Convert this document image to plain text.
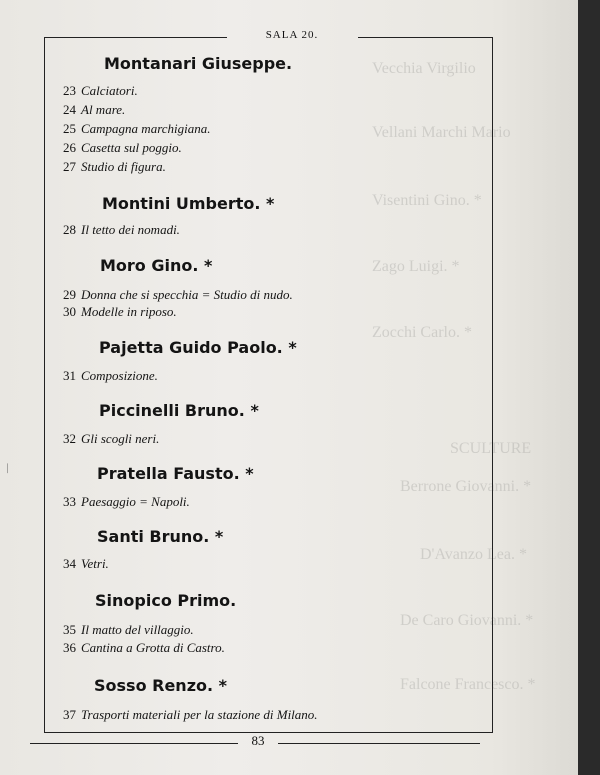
Vecchia Virgilio
Vellani Marchi Mario
Visentini Gino. *
Zago Luigi. *
Zocchi Carlo. *
SCULTURE
Berrone Giovanni. *
D'Avanzo Lea. *
De Caro Giovanni. *
Falcone Francesco. *
SALA 20.
Montanari Giuseppe.
23 Calciatori.
24 Al mare.
25 Campagna marchigiana.
26 Casetta sul poggio.
27 Studio di figura.
Montini Umberto. *
28 Il tetto dei nomadi.
Moro Gino. *
29 Donna che si specchia = Studio di nudo.
30 Modelle in riposo.
Pajetta Guido Paolo. *
31 Composizione.
Piccinelli Bruno. *
32 Gli scogli neri.
Pratella Fausto. *
33 Paesaggio = Napoli.
Santi Bruno. *
34 Vetri.
Sinopico Primo.
35 Il matto del villaggio.
36 Cantina a Grotta di Castro.
Sosso Renzo. *
37 Trasporti materiali per la stazione di Milano.
83
ᛁ
